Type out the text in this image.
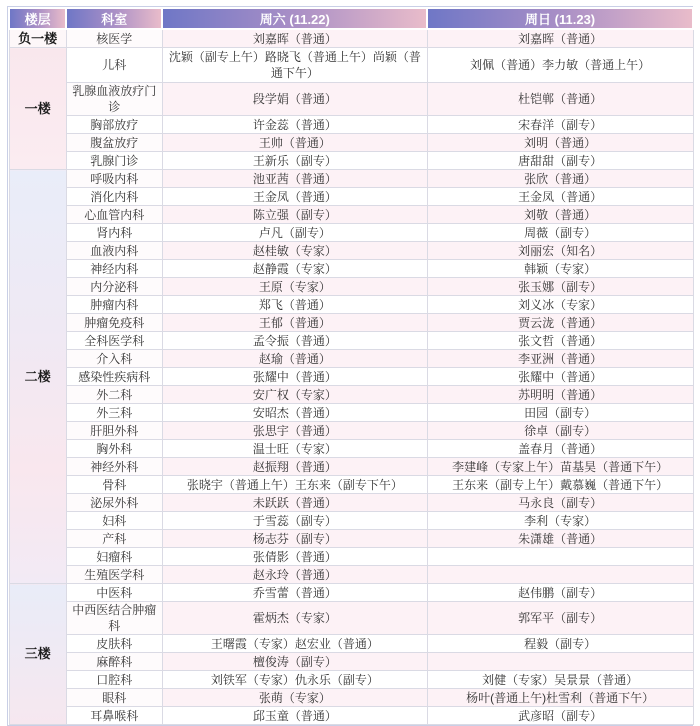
楼层	科室	周六 (11.22)	周日 (11.23)
负一楼	核医学	刘嘉晖（普通）	刘嘉晖（普通）
一楼	儿科	沈颖（副专上午）路晓飞（普通上午）尚颖（普通下午）	刘佩（普通）李力敏（普通上午）
	乳腺血液放疗门诊	段学娟（普通）	杜铠郸（普通）
	胸部放疗	许金蕊（普通）	宋春洋（副专）
	腹盆放疗	王帅（普通）	刘明（普通）
	乳腺门诊	王新乐（副专）	唐甜甜（副专）
二楼	呼吸内科	池亚茜（普通）	张欣（普通）
	消化内科	王金凤（普通）	王金凤（普通）
	心血管内科	陈立强（副专）	刘敬（普通）
	肾内科	卢凡（副专）	周薇（副专）
	血液内科	赵桂敏（专家）	刘丽宏（知名）
	神经内科	赵静霞（专家）	韩颖（专家）
	内分泌科	王原（专家）	张玉娜（副专）
	肿瘤内科	郑飞（普通）	刘义冰（专家）
	肿瘤免疫科	王郁（普通）	贾云泷（普通）
	全科医学科	孟令振（普通）	张文哲（普通）
	介入科	赵瑜（普通）	李亚洲（普通）
	感染性疾病科	张耀中（普通）	张耀中（普通）
	外二科	安广权（专家）	苏明明（普通）
	外三科	安昭杰（普通）	田园（副专）
	肝胆外科	张思宇（普通）	徐卓（副专）
	胸外科	温士旺（专家）	盖春月（普通）
	神经外科	赵振翔（普通）	李建峰（专家上午）苗基昊（普通下午）
	骨科	张晓宇（普通上午）王东来（副专下午）	王东来（副专上午）戴慕巍（普通下午）
	泌尿外科	未跃跃（普通）	马永良（副专）
	妇科	于雪蕊（副专）	李利（专家）
	产科	杨志芬（副专）	朱潇雄（普通）
	妇瘤科	张倩影（普通）	
	生殖医学科	赵永玲（普通）	
三楼	中医科	乔雪蕾（普通）	赵伟鹏（副专）
	中西医结合肿瘤科	霍炳杰（专家）	郭军平（副专）
	皮肤科	王曙霞（专家）赵宏业（普通）	程毅（副专）
	麻醉科	檀俊涛（副专）	
	口腔科	刘铁军（专家）仇永乐（副专）	刘健（专家）吴景景（普通）
	眼科	张萌（专家）	杨叶(普通上午)杜雪利（普通下午）
	耳鼻喉科	邱玉童（普通）	武彦昭（副专）
